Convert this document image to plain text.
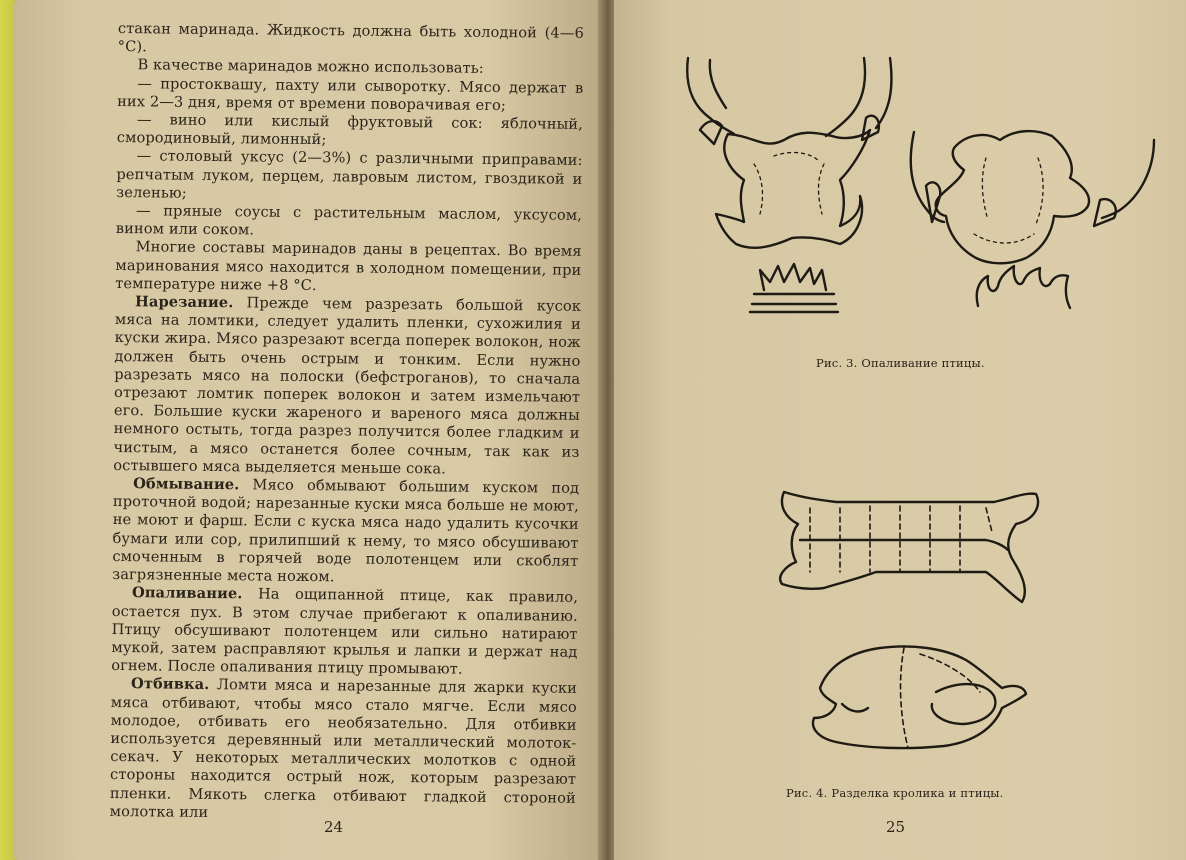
стакан маринада. Жидкость должна быть холодной (4—6 °С).

В качестве маринадов можно использовать:

— простоквашу, пахту или сыворотку. Мясо держат в них 2—3 дня, время от времени поворачивая его;

— вино или кислый фруктовый сок: яблочный, смородиновый, лимонный;

— столовый уксус (2—3%) с различными приправами: репчатым луком, перцем, лавровым листом, гвоздикой и зеленью;

— пряные соусы с растительным маслом, уксусом, вином или соком.

Многие составы маринадов даны в рецептах. Во время маринования мясо находится в холодном помещении, при температуре ниже +8 °С.

Нарезание. Прежде чем разрезать большой кусок мяса на ломтики, следует удалить пленки, сухожилия и куски жира. Мясо разрезают всегда поперек волокон, нож должен быть очень острым и тонким. Если нужно разрезать мясо на полоски (бефстроганов), то сначала отрезают ломтик поперек волокон и затем измельчают его. Большие куски жареного и вареного мяса должны немного остыть, тогда разрез получится более гладким и чистым, а мясо останется более сочным, так как из остывшего мяса выделяется меньше сока.

Обмывание. Мясо обмывают большим куском под проточной водой; нарезанные куски мяса больше не моют, не моют и фарш. Если с куска мяса надо удалить кусочки бумаги или сор, прилипший к нему, то мясо обсушивают смоченным в горячей воде полотенцем или скоблят загрязненные места ножом.

Опаливание. На ощипанной птице, как правило, остается пух. В этом случае прибегают к опаливанию. Птицу обсушивают полотенцем или сильно натирают мукой, затем расправляют крылья и лапки и держат над огнем. После опаливания птицу промывают.

Отбивка. Ломти мяса и нарезанные для жарки куски мяса отбивают, чтобы мясо стало мягче. Если мясо молодое, отбивать его необязательно. Для отбивки используется деревянный или металлический молоток-секач. У некоторых металлических молотков с одной стороны находится острый нож, которым разрезают пленки. Мякоть слегка отбивают гладкой стороной молотка или

24
Рис. 3. Опаливание птицы.
Рис. 4. Разделка кролика и птицы.
25
